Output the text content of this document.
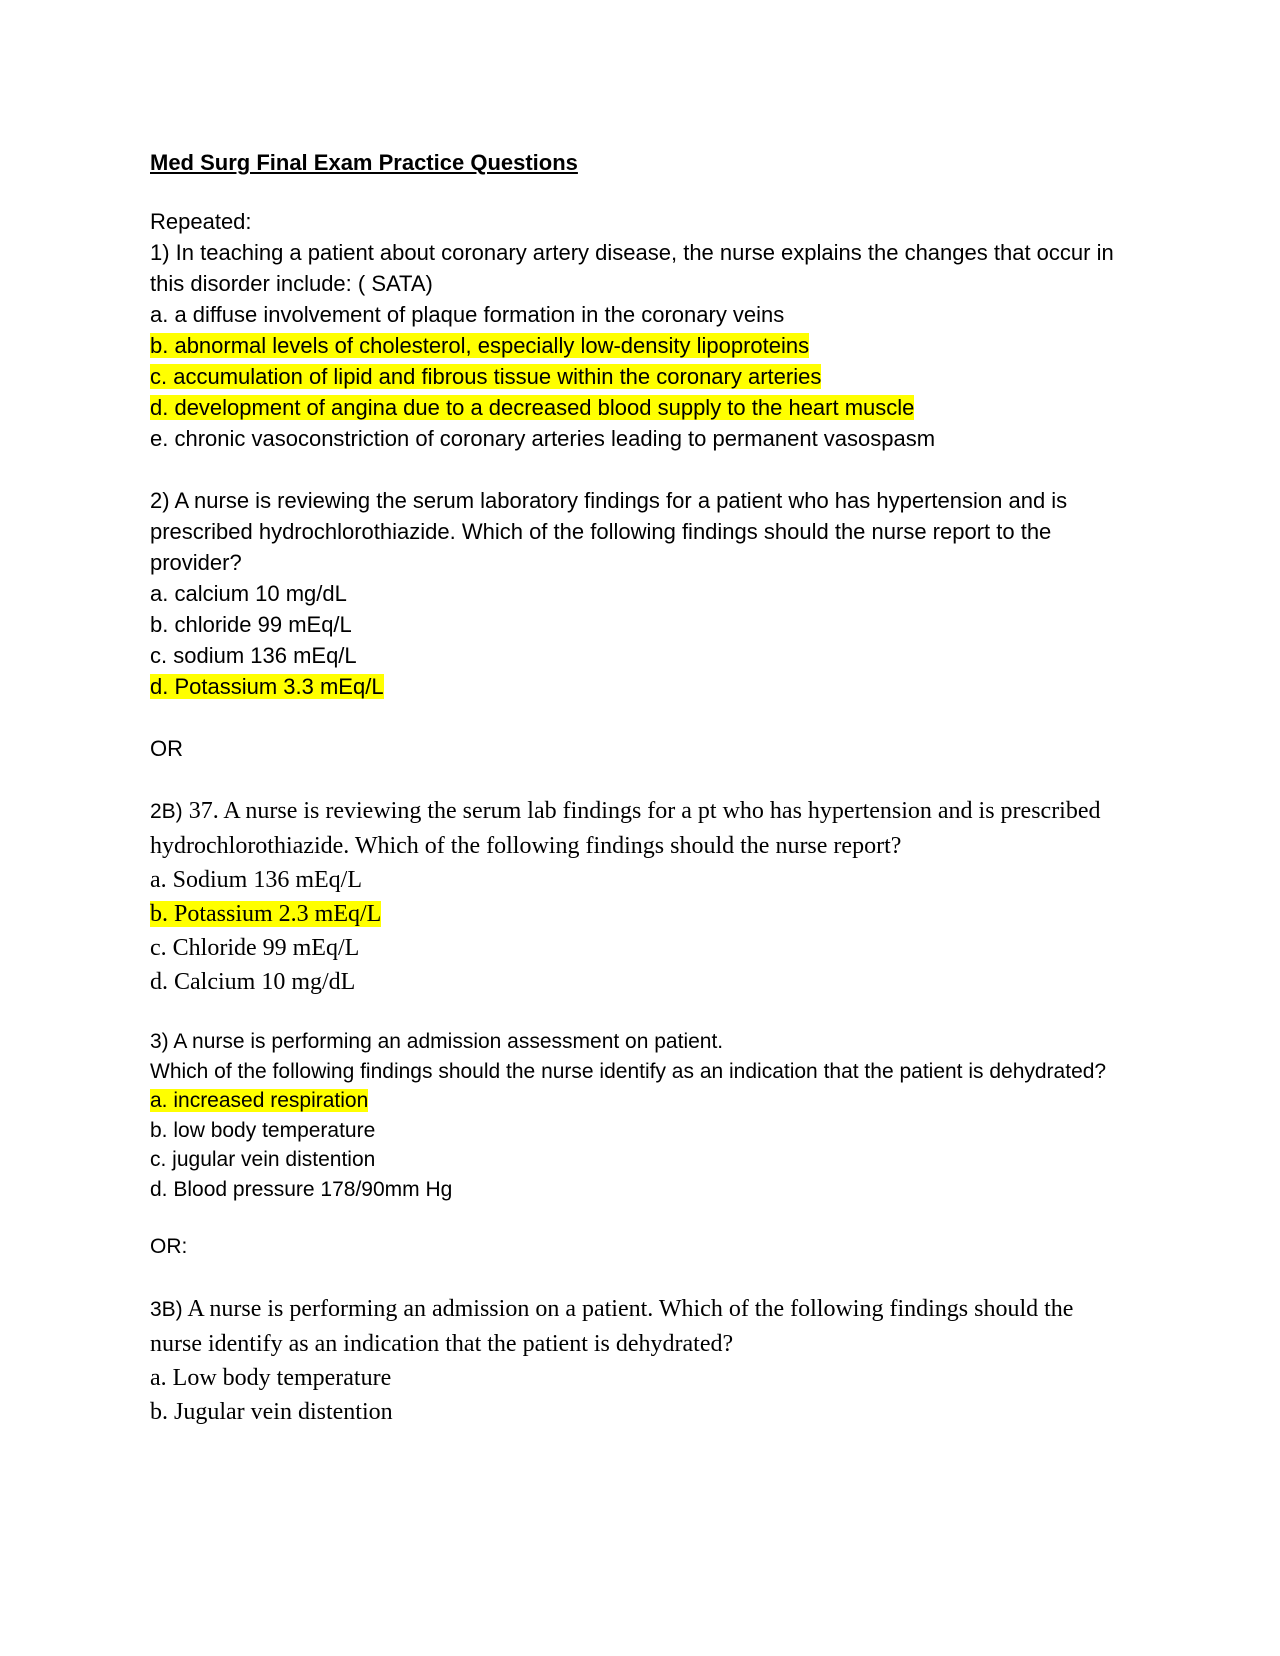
Med Surg Final Exam Practice Questions

Repeated:

1) In teaching a patient about coronary artery disease, the nurse explains the changes that occur in this disorder include: ( SATA)

a. a diffuse involvement of plaque formation in the coronary veins

b. abnormal levels of cholesterol, especially low-density lipoproteins

c. accumulation of lipid and fibrous tissue within the coronary arteries

d. development of angina due to a decreased blood supply to the heart muscle

e. chronic vasoconstriction of coronary arteries leading to permanent vasospasm

2) A nurse is reviewing the serum laboratory findings for a patient who has hypertension and is prescribed hydrochlorothiazide. Which of the following findings should the nurse report to the provider?

a. calcium 10 mg/dL

b. chloride 99 mEq/L

c. sodium 136 mEq/L

d. Potassium 3.3 mEq/L

OR

2B) 37. A nurse is reviewing the serum lab findings for a pt who has hypertension and is prescribed hydrochlorothiazide. Which of the following findings should the nurse report?

a. Sodium 136 mEq/L

b. Potassium 2.3 mEq/L

c. Chloride 99 mEq/L

d. Calcium 10 mg/dL

3) A nurse is performing an admission assessment on patient.

Which of the following findings should the nurse identify as an indication that the patient is dehydrated?

a. increased respiration

b. low body temperature

c. jugular vein distention

d. Blood pressure 178/90mm Hg

OR:

3B) A nurse is performing an admission on a patient. Which of the following findings should the nurse identify as an indication that the patient is dehydrated?

a. Low body temperature

b. Jugular vein distention
